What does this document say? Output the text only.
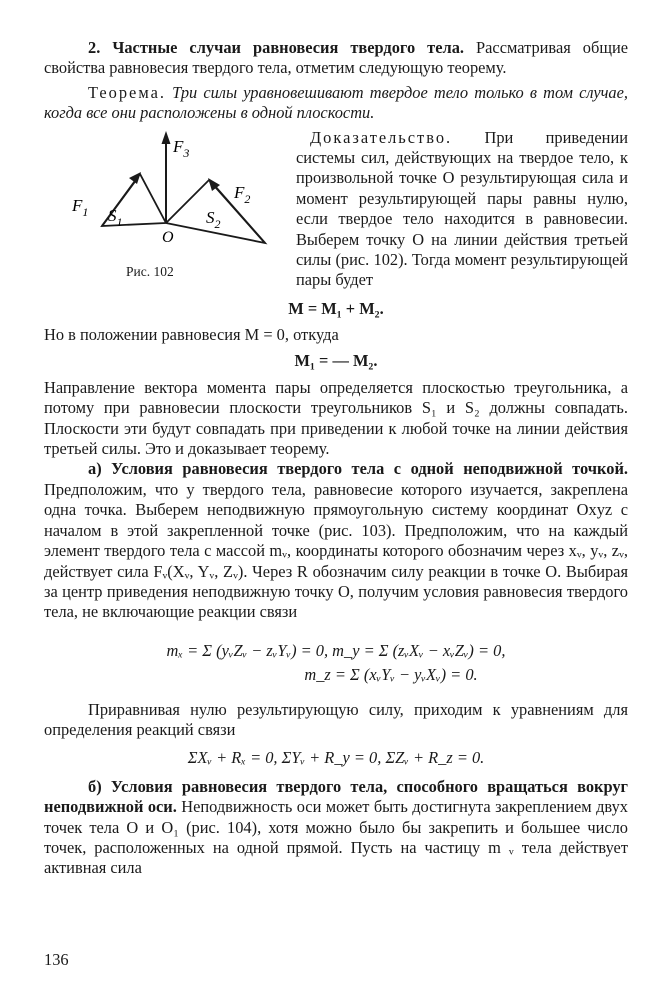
2. Частные случаи равновесия твердого тела. Рассматривая общие свойства равновесия твердого тела, отметим следующую теорему.

Теорема. Три силы уравновешивают твердое тело только в том случае, когда все они расположены в одной плоскости.

$F_3$
$F_1$ $S_1$	$S_2$
$F_2$
O
Рис. 102

Доказательство. При приведении системы сил, действующих на твердое тело, к произвольной точке O результирующая сила и момент результирующей пары равны нулю, если твердое тело находится в равновесии. Выберем точку O на линии действия третьей силы (рис. 102). Тогда момент результирующей пары будет

M = M₁ + M₂.

Но в положении равновесия M = 0, откуда

M₁ = — M₂.

Направление вектора момента пары определяется плоскостью треугольника, а потому при равновесии плоскости треугольников S₁ и S₂ должны совпадать. Плоскости эти будут совпадать при приведении к любой точке на линии действия третьей силы. Это и доказывает теорему.

а) Условия равновесия твердого тела с одной неподвижной точкой. Предположим, что у твердого тела, равновесие которого изучается, закреплена одна точка. Выберем неподвижную прямоугольную систему координат Oxyz с началом в этой закрепленной точке (рис. 103). Предположим, что на каждый элемент твердого тела с массой mᵥ, координаты которого обозначим через xᵥ, yᵥ, zᵥ, действует сила Fᵥ(Xᵥ, Yᵥ, Zᵥ). Через R обозначим силу реакции в точке O. Выбирая за центр приведения неподвижную точку O, получим условия равновесия твердого тела, не включающие реакции связи

mₓ = Σ (yᵥZᵥ − zᵥYᵥ) = 0, m_y = Σ (zᵥXᵥ − xᵥZᵥ) = 0,
m_z = Σ (xᵥYᵥ − yᵥXᵥ) = 0.

Приравнивая нулю результирующую силу, приходим к уравнениям для определения реакций связи

ΣXᵥ + Rₓ = 0, ΣYᵥ + R_y = 0, ΣZᵥ + R_z = 0.

б) Условия равновесия твердого тела, способного вращаться вокруг неподвижной оси. Неподвижность оси может быть достигнута закреплением двух точек тела O и O₁ (рис. 104), хотя можно было бы закрепить и большее число точек, расположенных на одной прямой. Пусть на частицу m ᵥ тела действует активная сила

136
